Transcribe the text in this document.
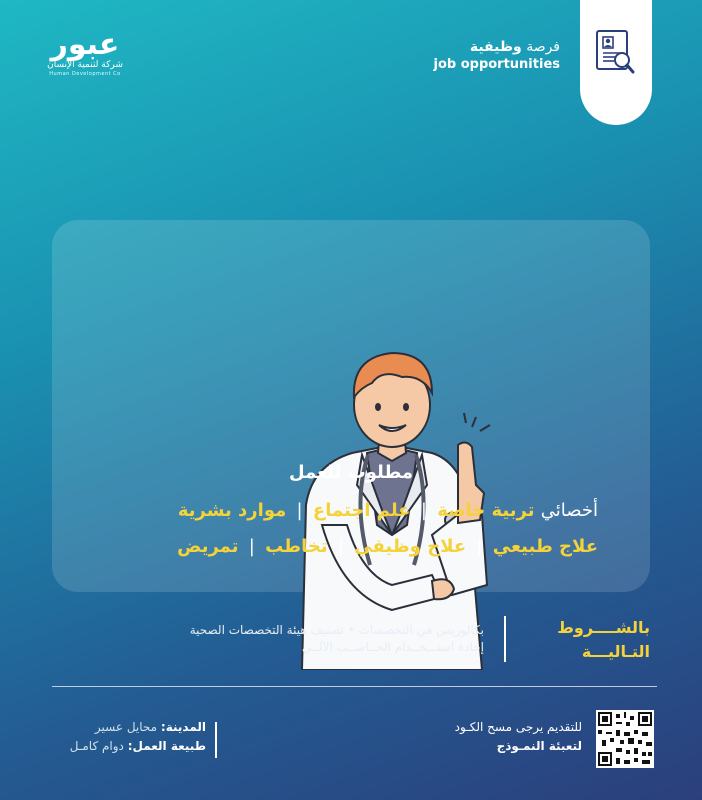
عبور
شركة لتنمية الإنسان
Human Development Co
فرصة وظيفية
job opportunities
مطلوب للعمل
أخصائي تربية خاصة | علم اجتماع | موارد بشرية
علاج طبيعي | علاج وظيفي | تخاطب | تمريض
بالشــــروط
التـاليـــة
بكالوريس في التخصصات • تصنيف هيئة التخصصات الصحية
إجادة استـــخــدام الحــاســب الآلــي
للتقديم يرجى مسح الكـود
لتعبئة النمـوذج
المدينة: محايل عسير
طبيعة العمل: دوام كامـل
